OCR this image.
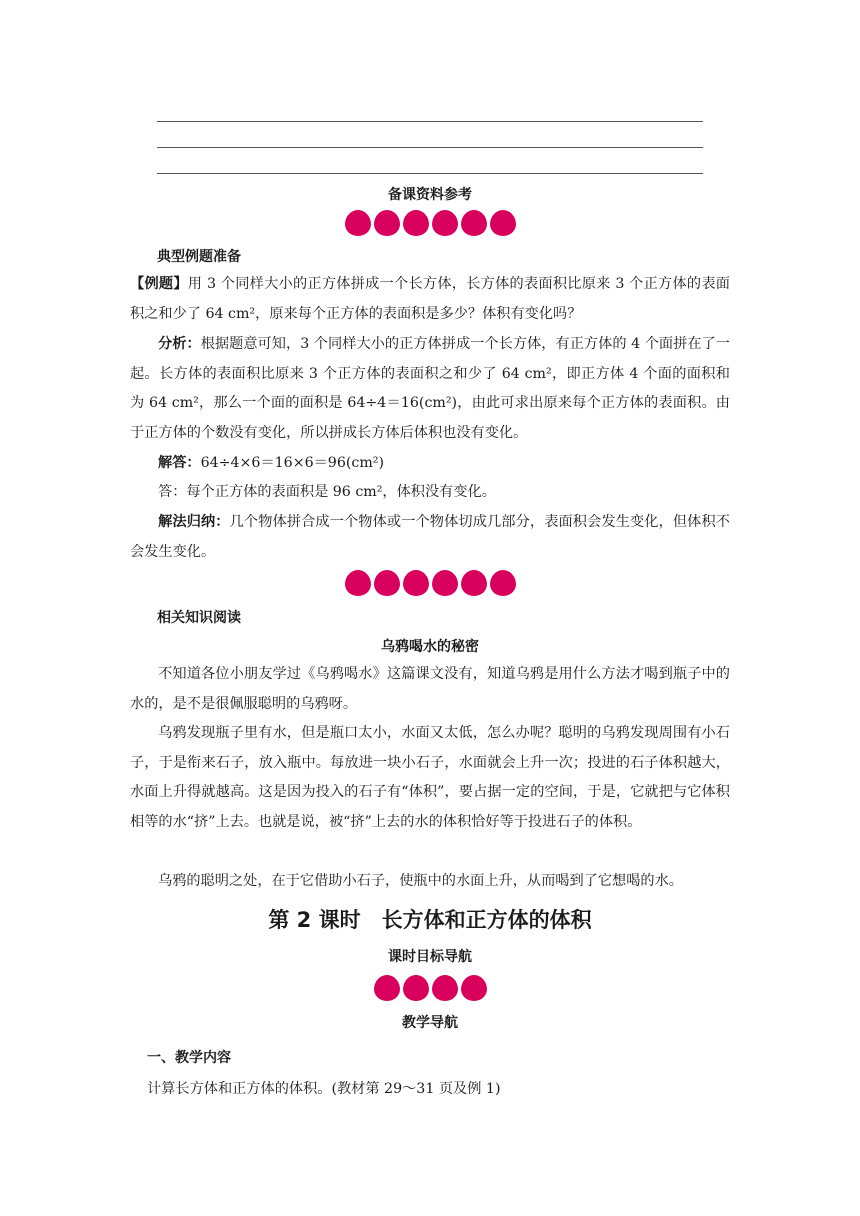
备课资料参考
典型例题准备
【例题】用 3 个同样大小的正方体拼成一个长方体，长方体的表面积比原来 3 个正方体的表面积之和少了 64 cm²，原来每个正方体的表面积是多少？体积有变化吗？
分析：根据题意可知，3 个同样大小的正方体拼成一个长方体，有正方体的 4 个面拼在了一起。长方体的表面积比原来 3 个正方体的表面积之和少了 64 cm²，即正方体 4 个面的面积和为 64 cm²，那么一个面的面积是 64÷4＝16(cm²)，由此可求出原来每个正方体的表面积。由于正方体的个数没有变化，所以拼成长方体后体积也没有变化。
解答：64÷4×6＝16×6＝96(cm²)
答：每个正方体的表面积是 96 cm²，体积没有变化。
解法归纳：几个物体拼合成一个物体或一个物体切成几部分，表面积会发生变化，但体积不会发生变化。
相关知识阅读
乌鸦喝水的秘密
不知道各位小朋友学过《乌鸦喝水》这篇课文没有，知道乌鸦是用什么方法才喝到瓶子中的水的，是不是很佩服聪明的乌鸦呀。
乌鸦发现瓶子里有水，但是瓶口太小，水面又太低，怎么办呢？聪明的乌鸦发现周围有小石子，于是衔来石子，放入瓶中。每放进一块小石子，水面就会上升一次；投进的石子体积越大，水面上升得就越高。这是因为投入的石子有“体积”，要占据一定的空间，于是，它就把与它体积相等的水“挤”上去。也就是说，被“挤”上去的水的体积恰好等于投进石子的体积。
乌鸦的聪明之处，在于它借助小石子，使瓶中的水面上升，从而喝到了它想喝的水。
第 2 课时　长方体和正方体的体积
课时目标导航
教学导航
一、教学内容
计算长方体和正方体的体积。(教材第 29～31 页及例 1)
